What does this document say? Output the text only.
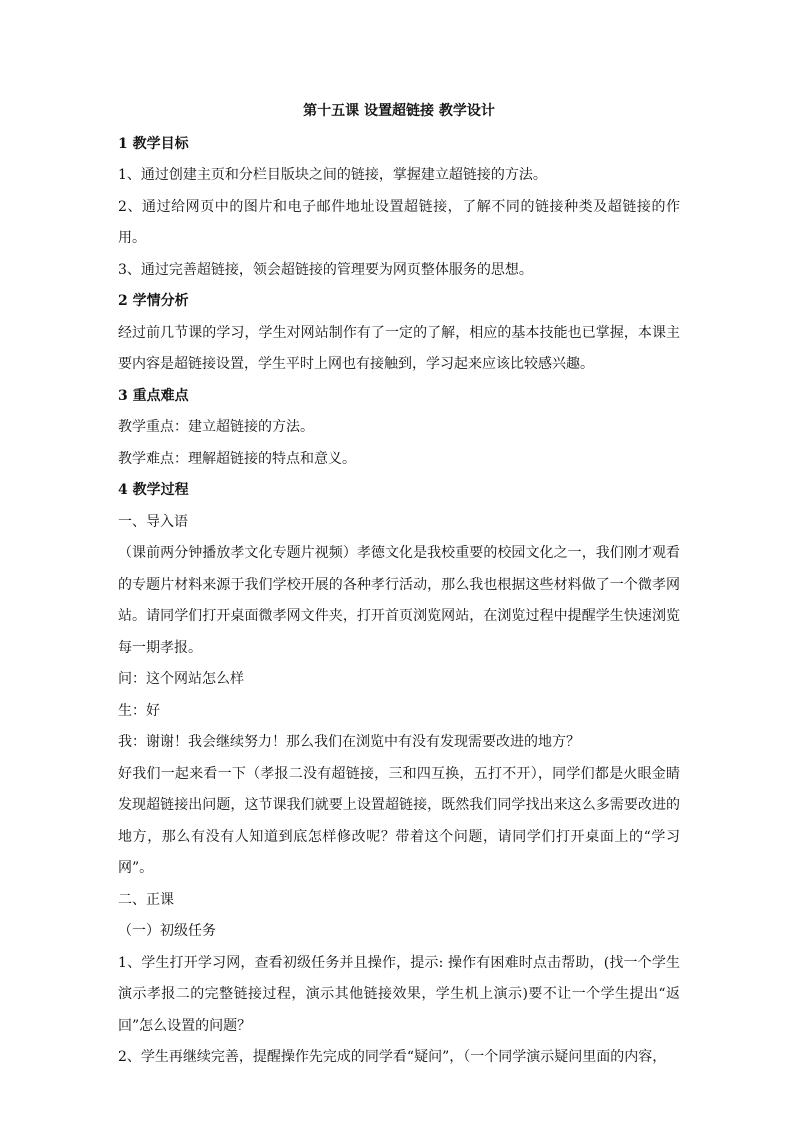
第十五课 设置超链接 教学设计
1 教学目标

1、通过创建主页和分栏目版块之间的链接，掌握建立超链接的方法。

2、通过给网页中的图片和电子邮件地址设置超链接，了解不同的链接种类及超链接的作用。

3、通过完善超链接，领会超链接的管理要为网页整体服务的思想。

2 学情分析

经过前几节课的学习，学生对网站制作有了一定的了解，相应的基本技能也已掌握，本课主要内容是超链接设置，学生平时上网也有接触到，学习起来应该比较感兴趣。

3 重点难点

教学重点：建立超链接的方法。

教学难点：理解超链接的特点和意义。

4 教学过程

一、导入语

（课前两分钟播放孝文化专题片视频）孝德文化是我校重要的校园文化之一，我们刚才观看的专题片材料来源于我们学校开展的各种孝行活动，那么我也根据这些材料做了一个微孝网站。请同学们打开桌面微孝网文件夹，打开首页浏览网站，在浏览过程中提醒学生快速浏览每一期孝报。

问：这个网站怎么样

生：好

我：谢谢！我会继续努力！那么我们在浏览中有没有发现需要改进的地方？

好我们一起来看一下（孝报二没有超链接，三和四互换，五打不开），同学们都是火眼金睛发现超链接出问题，这节课我们就要上设置超链接，既然我们同学找出来这么多需要改进的地方，那么有没有人知道到底怎样修改呢？带着这个问题，请同学们打开桌面上的“学习网”。

二、正课

（一）初级任务

1、学生打开学习网，查看初级任务并且操作，提示: 操作有困难时点击帮助，(找一个学生演示孝报二的完整链接过程，演示其他链接效果，学生机上演示)要不让一个学生提出“返回”怎么设置的问题？

2、学生再继续完善，提醒操作先完成的同学看“疑问”，（一个同学演示疑问里面的内容，
